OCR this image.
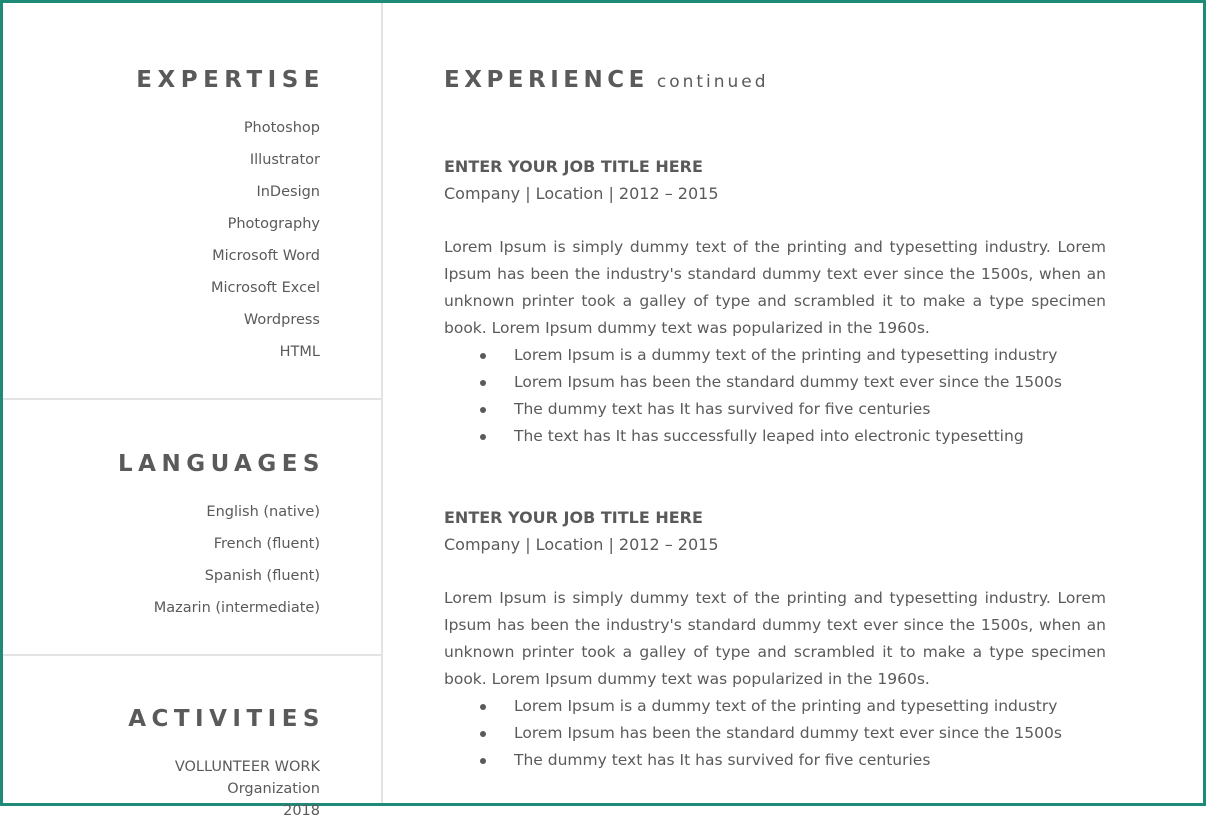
EXPERTISE
Photoshop
Illustrator
InDesign
Photography
Microsoft Word
Microsoft Excel
Wordpress
HTML
LANGUAGES
English (native)
French (fluent)
Spanish (fluent)
Mazarin (intermediate)
ACTIVITIES
VOLLUNTEER WORK
Organization
2018
EXPERIENCE continued

ENTER YOUR JOB TITLE HERE

Company | Location | 2012 – 2015

Lorem Ipsum is simply dummy text of the printing and typesetting industry. Lorem Ipsum has been the industry's standard dummy text ever since the 1500s, when an unknown printer took a galley of type and scrambled it to make a type specimen book. Lorem Ipsum dummy text was popularized in the 1960s.

Lorem Ipsum is a dummy text of the printing and typesetting industry
Lorem Ipsum has been the standard dummy text ever since the 1500s
The dummy text has It has survived for five centuries
The text has It has successfully leaped into electronic typesetting

ENTER YOUR JOB TITLE HERE

Company | Location | 2012 – 2015

Lorem Ipsum is simply dummy text of the printing and typesetting industry. Lorem Ipsum has been the industry's standard dummy text ever since the 1500s, when an unknown printer took a galley of type and scrambled it to make a type specimen book. Lorem Ipsum dummy text was popularized in the 1960s.

Lorem Ipsum is a dummy text of the printing and typesetting industry
Lorem Ipsum has been the standard dummy text ever since the 1500s
The dummy text has It has survived for five centuries
